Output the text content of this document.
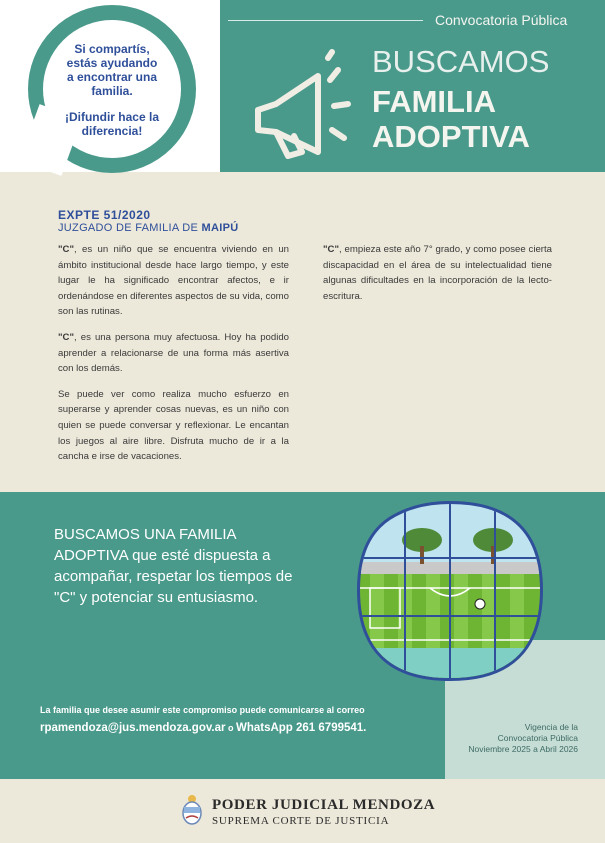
Si compartís, estás ayudando a encontrar una familia.

¡Difundir hace la diferencia!

Convocatoria Pública
BUSCAMOS
FAMILIA
ADOPTIVA
EXPTE 51/2020
JUZGADO DE FAMILIA DE MAIPÚ

"C", es un niño que se encuentra viviendo en un ámbito institucional desde hace largo tiempo, y este lugar le ha significado encontrar afectos, e ir ordenándose en diferentes aspectos de su vida, como son las rutinas.

"C", es una persona muy afectuosa. Hoy ha podido aprender a relacionarse de una forma más asertiva con los demás.

Se puede ver como realiza mucho esfuerzo en superarse y aprender cosas nuevas, es un niño con quien se puede conversar y reflexionar. Le encantan los juegos al aire libre. Disfruta mucho de ir a la cancha e irse de vacaciones.

"C", empieza este año 7° grado, y como posee cierta discapacidad en el área de su intelectualidad tiene algunas dificultades en la incorporación de la lecto-escritura.

BUSCAMOS UNA FAMILIA ADOPTIVA que esté dispuesta a acompañar, respetar los tiempos de "C" y potenciar su entusiasmo.
La familia que desee asumir este compromiso puede comunicarse al correo
rpamendoza@jus.mendoza.gov.ar o WhatsApp 261 6799541.	Vigencia de la
Convocatoria Pública
Noviembre 2025 a Abril 2026
PODER JUDICIAL MENDOZA
SUPREMA CORTE DE JUSTICIA
